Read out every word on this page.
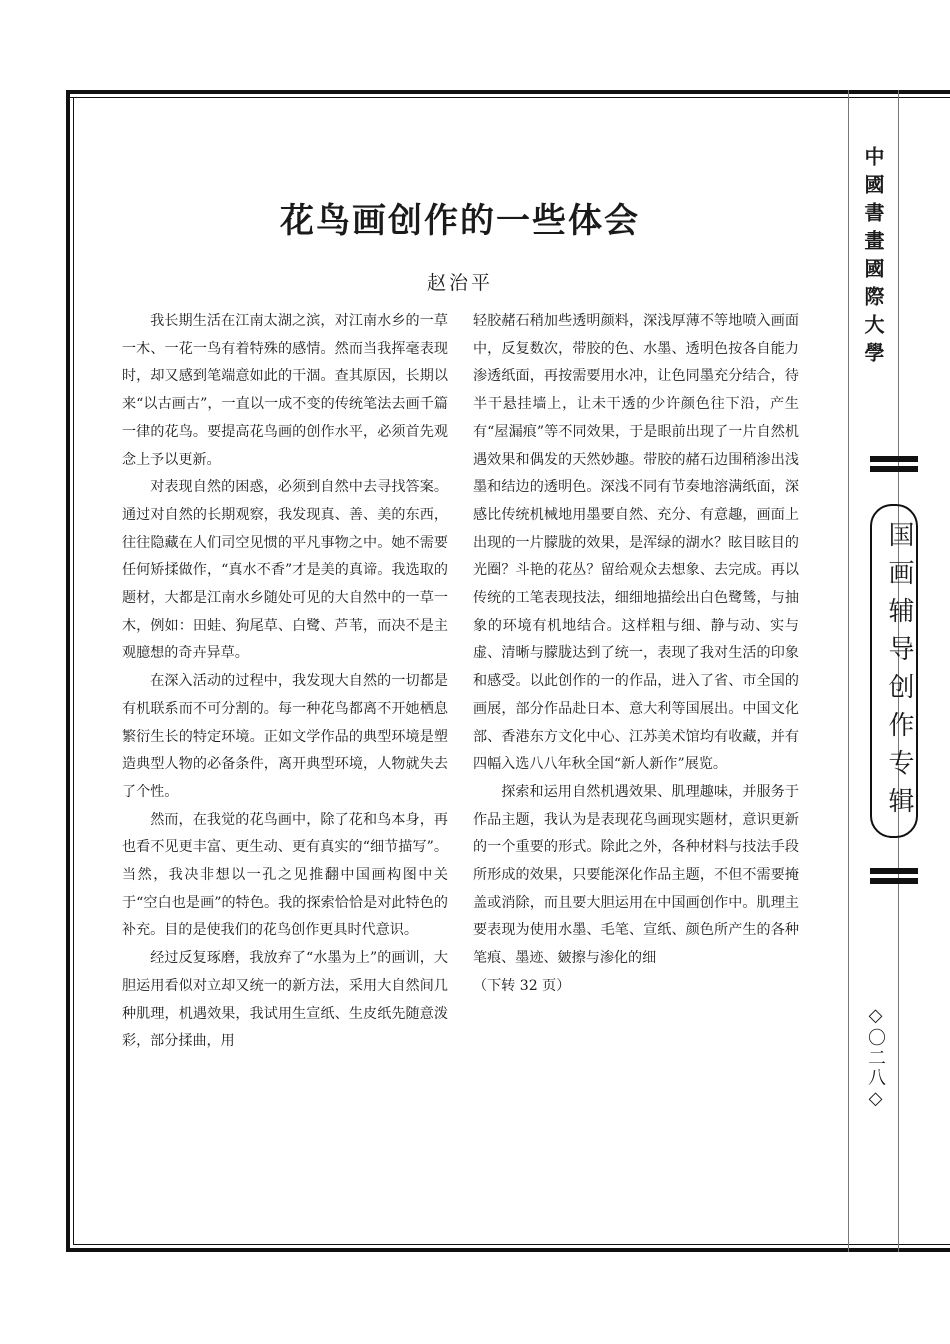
花鸟画创作的一些体会
赵治平

我长期生活在江南太湖之滨，对江南水乡的一草一木、一花一鸟有着特殊的感情。然而当我挥毫表现时，却又感到笔端意如此的干涸。查其原因，长期以来“以古画古”，一直以一成不变的传统笔法去画千篇一律的花鸟。要提高花鸟画的创作水平，必须首先观念上予以更新。

对表现自然的困惑，必须到自然中去寻找答案。通过对自然的长期观察，我发现真、善、美的东西，往往隐藏在人们司空见惯的平凡事物之中。她不需要任何矫揉做作，“真水不香”才是美的真谛。我选取的题材，大都是江南水乡随处可见的大自然中的一草一木，例如：田蛙、狗尾草、白鹭、芦苇，而决不是主观臆想的奇卉异草。

在深入活动的过程中，我发现大自然的一切都是有机联系而不可分割的。每一种花鸟都离不开她栖息繁衍生长的特定环境。正如文学作品的典型环境是塑造典型人物的必备条件，离开典型环境，人物就失去了个性。

然而，在我觉的花鸟画中，除了花和鸟本身，再也看不见更丰富、更生动、更有真实的“细节描写”。当然，我决非想以一孔之见推翻中国画构图中关于“空白也是画”的特色。我的探索恰恰是对此特色的补充。目的是使我们的花鸟创作更具时代意识。

经过反复琢磨，我放弃了“水墨为上”的画训，大胆运用看似对立却又统一的新方法，采用大自然间几种肌理，机遇效果，我试用生宣纸、生皮纸先随意泼彩，部分揉曲，用

轻胶赭石稍加些透明颜料，深浅厚薄不等地喷入画面中，反复数次，带胶的色、水墨、透明色按各自能力渗透纸面，再按需要用水冲，让色同墨充分结合，待半干悬挂墙上，让未干透的少许颜色往下沿，产生有“屋漏痕”等不同效果，于是眼前出现了一片自然机遇效果和偶发的天然妙趣。带胶的赭石边围稍渗出浅墨和结边的透明色。深浅不同有节奏地溶满纸面，深感比传统机械地用墨要自然、充分、有意趣，画面上出现的一片朦胧的效果，是浑绿的湖水？眩目眩目的光圈？斗艳的花丛？留给观众去想象、去完成。再以传统的工笔表现技法，细细地描绘出白色鹭鸶，与抽象的环境有机地结合。这样粗与细、静与动、实与虚、清晰与朦胧达到了统一，表现了我对生活的印象和感受。以此创作的一的作品，进入了省、市全国的画展，部分作品赴日本、意大利等国展出。中国文化部、香港东方文化中心、江苏美术馆均有收藏，并有四幅入选八八年秋全国“新人新作”展览。

探索和运用自然机遇效果、肌理趣味，并服务于作品主题，我认为是表现花鸟画现实题材，意识更新的一个重要的形式。除此之外，各种材料与技法手段所形成的效果，只要能深化作品主题，不但不需要掩盖或消除，而且要大胆运用在中国画创作中。肌理主要表现为使用水墨、毛笔、宣纸、颜色所产生的各种笔痕、墨迹、皴擦与渗化的细

（下转 32 页）

中國書畫國際大學
国画辅导创作专辑
◇〇二八◇
